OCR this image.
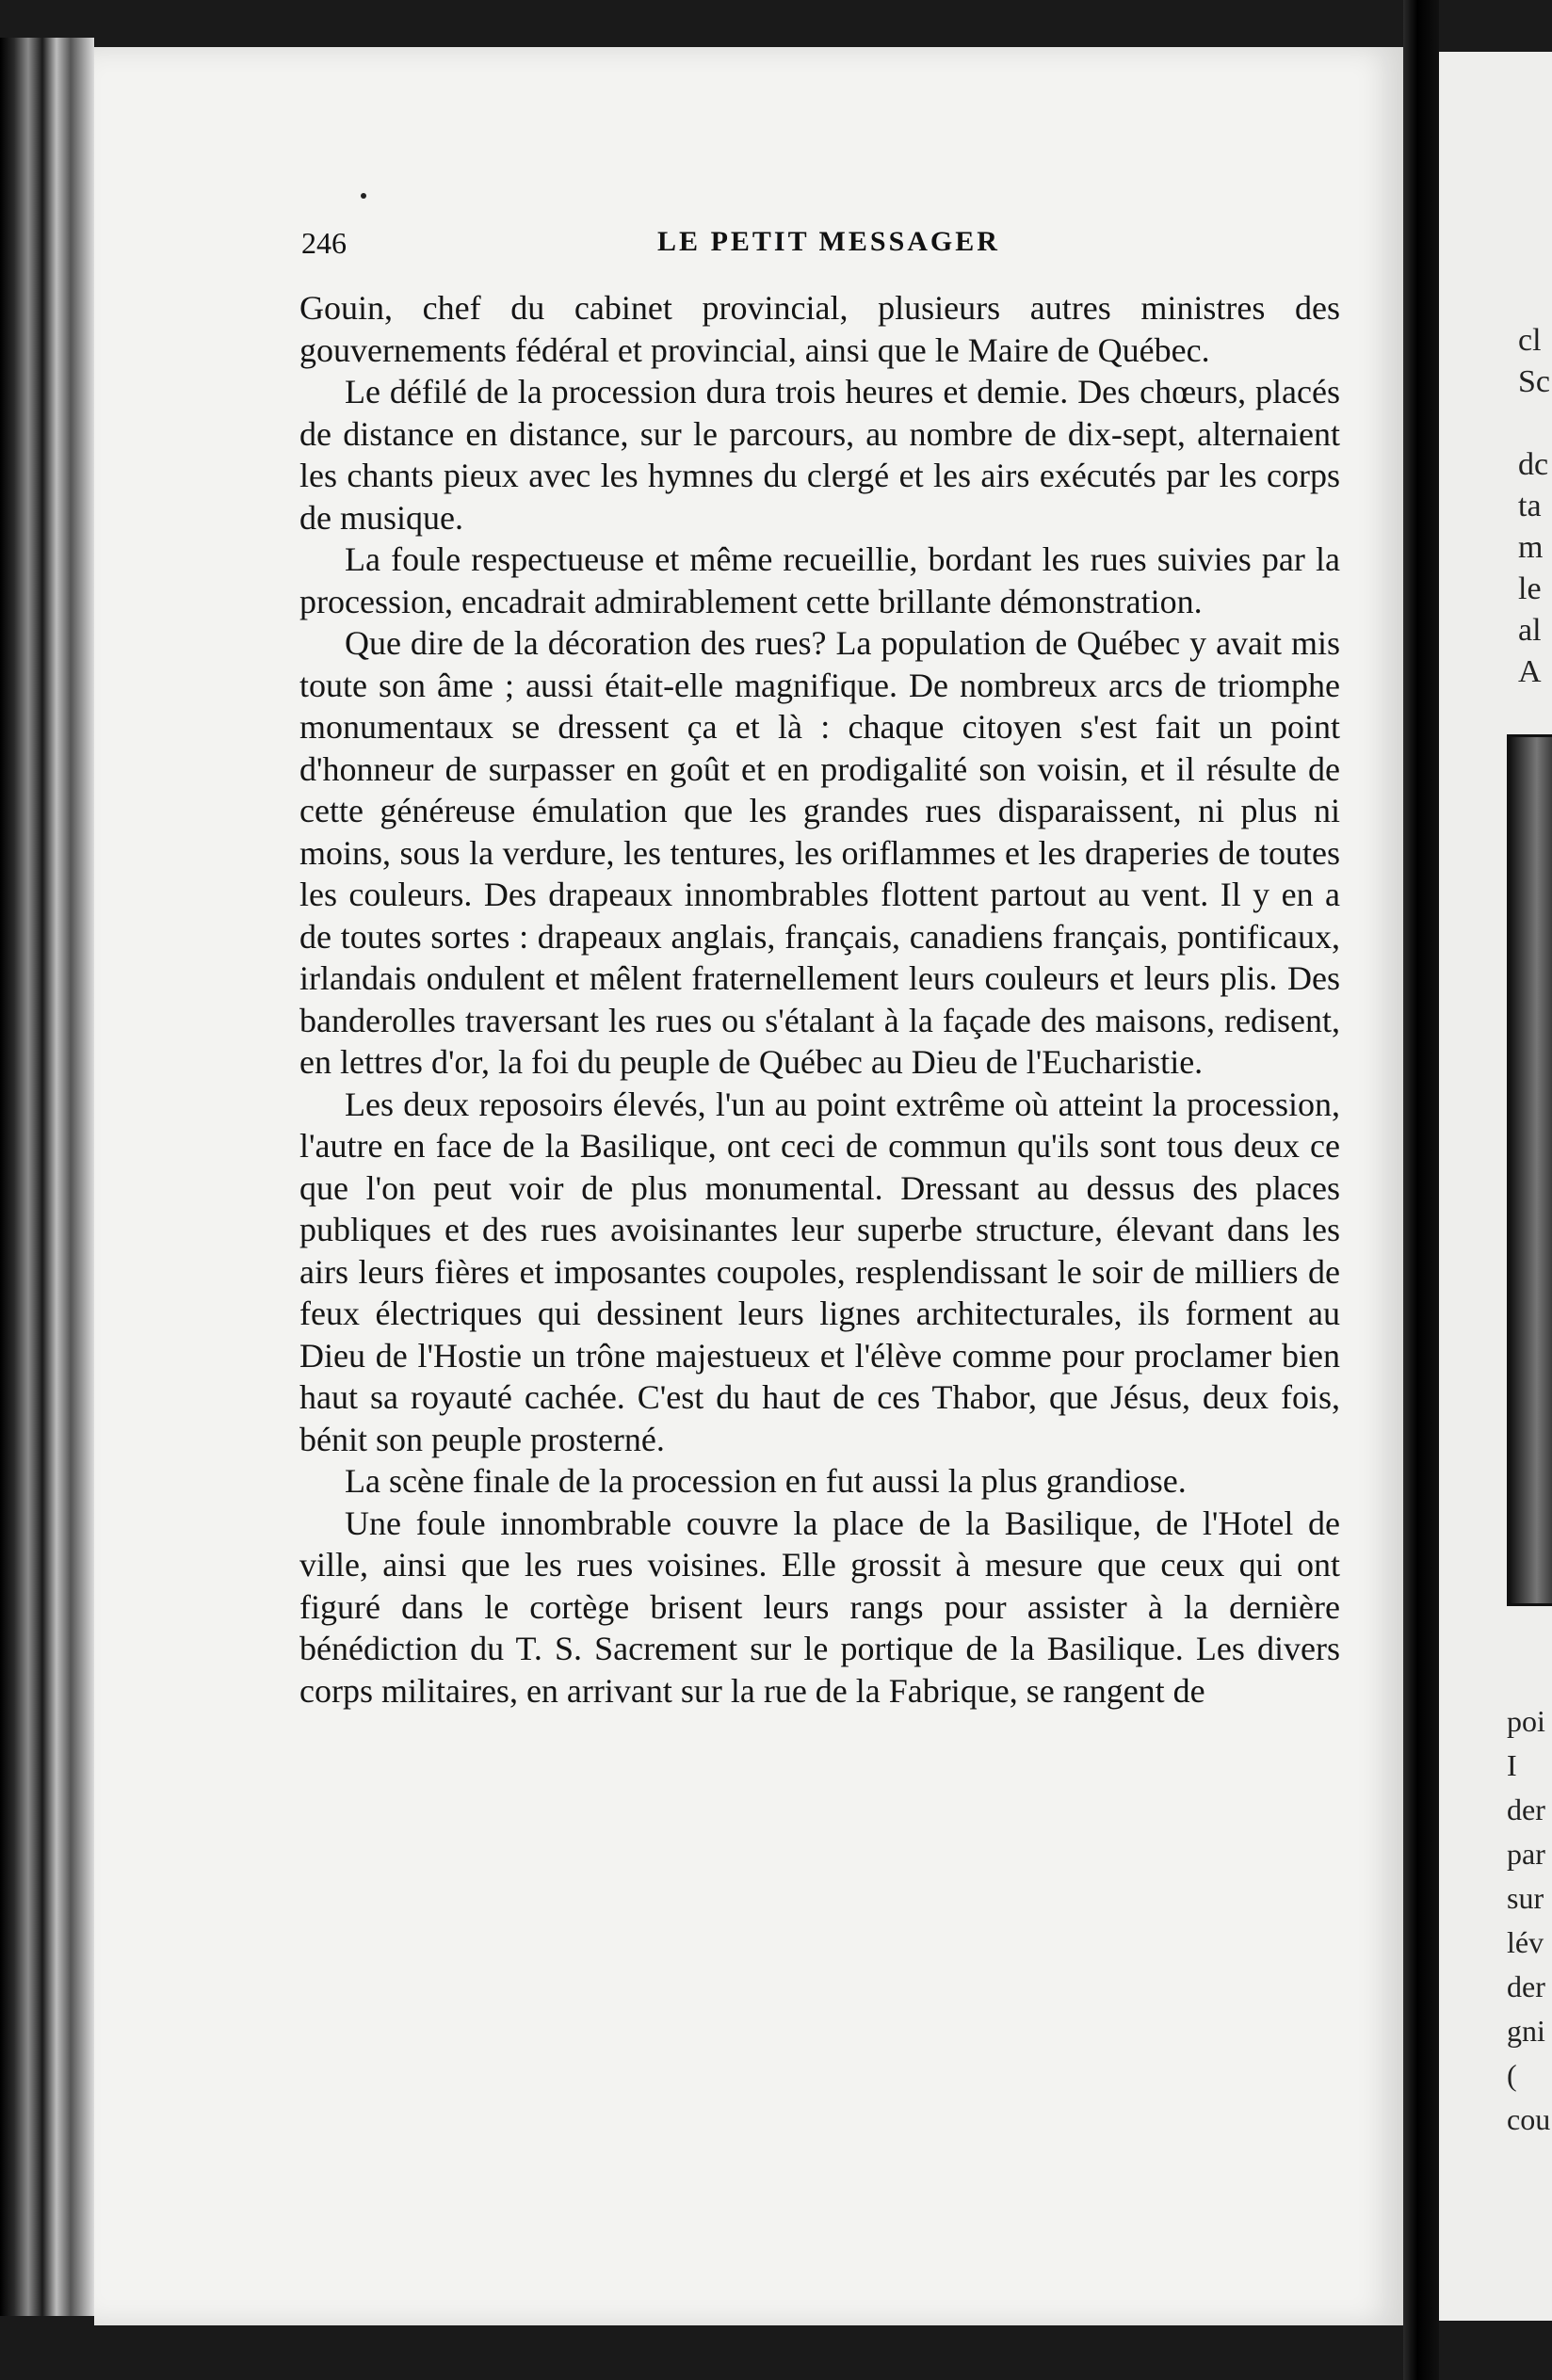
246	LE PETIT MESSAGER

Gouin, chef du cabinet provincial, plusieurs autres ministres des gouvernements fédéral et provincial, ainsi que le Maire de Québec.

Le défilé de la procession dura trois heures et demie. Des chœurs, placés de distance en distance, sur le parcours, au nombre de dix-sept, alternaient les chants pieux avec les hymnes du clergé et les airs exécutés par les corps de musique.

La foule respectueuse et même recueillie, bordant les rues suivies par la procession, encadrait admirablement cette brillante démonstration.

Que dire de la décoration des rues? La population de Québec y avait mis toute son âme ; aussi était-elle magnifique. De nombreux arcs de triomphe monumentaux se dressent ça et là : chaque citoyen s'est fait un point d'honneur de surpasser en goût et en prodigalité son voisin, et il résulte de cette généreuse émulation que les grandes rues disparaissent, ni plus ni moins, sous la verdure, les tentures, les oriflammes et les draperies de toutes les couleurs. Des drapeaux innombrables flottent partout au vent. Il y en a de toutes sortes : drapeaux anglais, français, canadiens français, pontificaux, irlandais ondulent et mêlent fraternellement leurs couleurs et leurs plis. Des banderolles traversant les rues ou s'étalant à la façade des maisons, redisent, en lettres d'or, la foi du peuple de Québec au Dieu de l'Eucharistie.

Les deux reposoirs élevés, l'un au point extrême où atteint la procession, l'autre en face de la Basilique, ont ceci de commun qu'ils sont tous deux ce que l'on peut voir de plus monumental. Dressant au dessus des places publiques et des rues avoisinantes leur superbe structure, élevant dans les airs leurs fières et imposantes coupoles, resplendissant le soir de milliers de feux électriques qui dessinent leurs lignes architecturales, ils forment au Dieu de l'Hostie un trône majestueux et l'élève comme pour proclamer bien haut sa royauté cachée. C'est du haut de ces Thabor, que Jésus, deux fois, bénit son peuple prosterné.

La scène finale de la procession en fut aussi la plus grandiose.

Une foule innombrable couvre la place de la Basilique, de l'Hotel de ville, ainsi que les rues voisines. Elle grossit à mesure que ceux qui ont figuré dans le cortège brisent leurs rangs pour assister à la dernière bénédiction du T. S. Sacrement sur le portique de la Basilique. Les divers corps militaires, en arrivant sur la rue de la Fabrique, se rangent de

cl
Sc

dc
ta
m
le
al
A
poi
I
der
par
sur
lév
der
gni
(
cou
